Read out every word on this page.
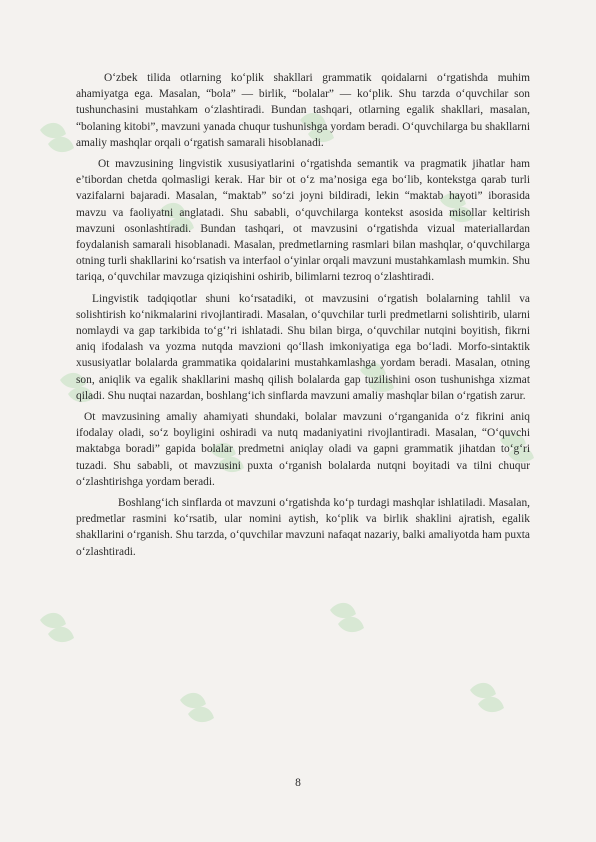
O‘zbek tilida otlarning ko‘plik shakllari grammatik qoidalarni o‘rgatishda muhim ahamiyatga ega. Masalan, “bola” — birlik, “bolalar” — ko‘plik. Shu tarzda o‘quvchilar son tushunchasini mustahkam o‘zlashtiradi. Bundan tashqari, otlarning egalik shakllari, masalan, “bolaning kitobi”, mavzuni yanada chuqur tushunishga yordam beradi. O‘quvchilarga bu shakllarni amaliy mashqlar orqali o‘rgatish samarali hisoblanadi.

Ot mavzusining lingvistik xususiyatlarini o‘rgatishda semantik va pragmatik jihatlar ham e’tibordan chetda qolmasligi kerak. Har bir ot o‘z ma’nosiga ega bo‘lib, kontekstga qarab turli vazifalarni bajaradi. Masalan, “maktab” so‘zi joyni bildiradi, lekin “maktab hayoti” iborasida mavzu va faoliyatni anglatadi. Shu sababli, o‘quvchilarga kontekst asosida misollar keltirish mavzuni osonlashtiradi. Bundan tashqari, ot mavzusini o‘rgatishda vizual materiallardan foydalanish samarali hisoblanadi. Masalan, predmetlarning rasmlari bilan mashqlar, o‘quvchilarga otning turli shakllarini ko‘rsatish va interfaol o‘yinlar orqali mavzuni mustahkamlash mumkin. Shu tariqa, o‘quvchilar mavzuga qiziqishini oshirib, bilimlarni tezroq o‘zlashtiradi.

Lingvistik tadqiqotlar shuni ko‘rsatadiki, ot mavzusini o‘rgatish bolalarning tahlil va solishtirish ko‘nikmalarini rivojlantiradi. Masalan, o‘quvchilar turli predmetlarni solishtirib, ularni nomlaydi va gap tarkibida to‘g‘’ri ishlatadi. Shu bilan birga, o‘quvchilar nutqini boyitish, fikrni aniq ifodalash va yozma nutqda mavzioni qo‘llash imkoniyatiga ega bo‘ladi. Morfo-sintaktik xususiyatlar bolalarda grammatika qoidalarini mustahkamlashga yordam beradi. Masalan, otning son, aniqlik va egalik shakllarini mashq qilish bolalarda gap tuzilishini oson tushunishga xizmat qiladi. Shu nuqtai nazardan, boshlang‘ich sinflarda mavzuni amaliy mashqlar bilan o‘rgatish zarur.

Ot mavzusining amaliy ahamiyati shundaki, bolalar mavzuni o‘rganganida o‘z fikrini aniq ifodalay oladi, so‘z boyligini oshiradi va nutq madaniyatini rivojlantiradi. Masalan, “O‘quvchi maktabga boradi” gapida bolalar predmetni aniqlay oladi va gapni grammatik jihatdan to‘g‘ri tuzadi. Shu sababli, ot mavzusini puxta o‘rganish bolalarda nutqni boyitadi va tilni chuqur o‘zlashtirishga yordam beradi.

Boshlang‘ich sinflarda ot mavzuni o‘rgatishda ko‘p turdagi mashqlar ishlatiladi. Masalan, predmetlar rasmini ko‘rsatib, ular nomini aytish, ko‘plik va birlik shaklini ajratish, egalik shakllarini o‘rganish. Shu tarzda, o‘quvchilar mavzuni nafaqat nazariy, balki amaliyotda ham puxta o‘zlashtiradi.

8
